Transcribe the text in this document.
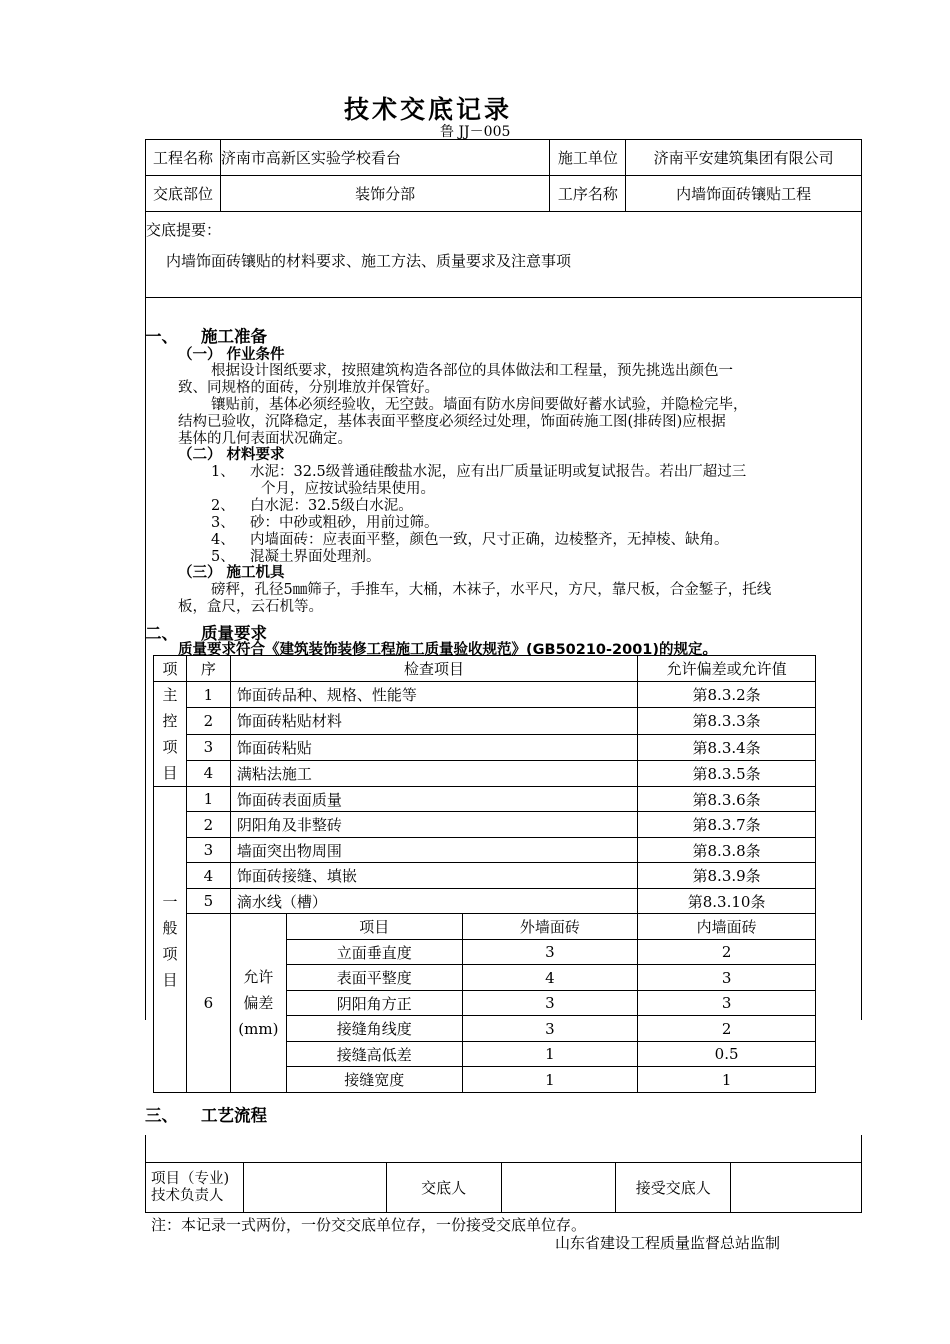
技术交底记录
鲁 JJ－005
工程名称	济南市高新区实验学校看台	施工单位	济南平安建筑集团有限公司
交底部位	装饰分部	工序名称	内墙饰面砖镶贴工程

交底提要：
内墙饰面砖镶贴的材料要求、施工方法、质量要求及注意事项			
一、 施工准备
（一） 作业条件
根据设计图纸要求，按照建筑构造各部位的具体做法和工程量，预先挑选出颜色一
致、同规格的面砖，分别堆放并保管好。
镶贴前，基体必须经验收，无空鼓。墙面有防水房间要做好蓄水试验，并隐检完毕，
结构已验收，沉降稳定，基体表面平整度必须经过处理，饰面砖施工图(排砖图)应根据
基体的几何表面状况确定。
（二） 材料要求
1、 水泥：32.5级普通硅酸盐水泥，应有出厂质量证明或复试报告。若出厂超过三
个月，应按试验结果使用。
2、 白水泥：32.5级白水泥。
3、 砂：中砂或粗砂，用前过筛。
4、 内墙面砖：应表面平整，颜色一致，尺寸正确，边棱整齐，无掉棱、缺角。
5、 混凝土界面处理剂。
（三） 施工机具
磅秤，孔径5㎜筛子，手推车，大桶，木袜子，水平尺，方尺，靠尺板，合金錾子，托线
板，盒尺，云石机等。
二、 质量要求
质量要求符合《建筑装饰装修工程施工质量验收规范》(GB50210-2001)的规定。
项	序	检查项目			允许偏差或允许值
主
控
项
目	1	饰面砖品种、规格、性能等			第8.3.2条
	2	饰面砖粘贴材料			第8.3.3条
	3	饰面砖粘贴			第8.3.4条
	4	满粘法施工			第8.3.5条
一
般
项
目	1	饰面砖表面质量			第8.3.6条
	2	阴阳角及非整砖			第8.3.7条
	3	墙面突出物周围			第8.3.8条
	4	饰面砖接缝、填嵌			第8.3.9条
	5	滴水线（槽）			第8.3.10条
	6	允许
偏差
(mm)	项目	外墙面砖	内墙面砖
			立面垂直度	3	2
			表面平整度	4	3
			阴阳角方正	3	3
			接缝角线度	3	2
			接缝高低差	1	0.5
			接缝宽度	1	1
三、 工艺流程
项目（专业)
技术负责人		交底人		接受交底人	
注：本记录一式两份，一份交交底单位存，一份接受交底单位存。
山东省建设工程质量监督总站监制
